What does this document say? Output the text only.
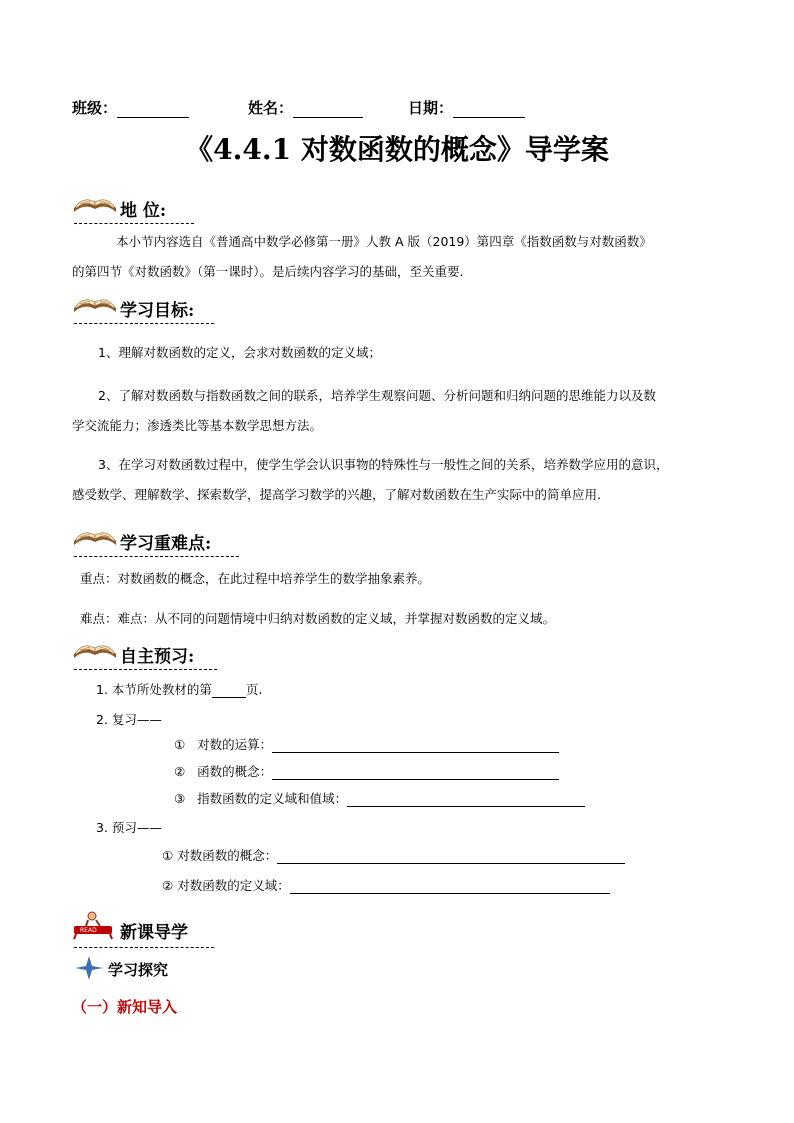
班级：	姓名：	日期：
《4.4.1 对数函数的概念》导学案
地 位:
本小节内容选自《普通高中数学必修第一册》人教 A 版（2019）第四章《指数函数与对数函数》
的第四节《对数函数》（第一课时）。是后续内容学习的基础，至关重要.
学习目标:
1、理解对数函数的定义，会求对数函数的定义域；
2、了解对数函数与指数函数之间的联系，培养学生观察问题、分析问题和归纳问题的思维能力以及数
学交流能力；渗透类比等基本数学思想方法。
3、在学习对数函数过程中，使学生学会认识事物的特殊性与一般性之间的关系，培养数学应用的意识，
感受数学、理解数学、探索数学，提高学习数学的兴趣，了解对数函数在生产实际中的简单应用.
学习重难点:
重点：对数函数的概念，在此过程中培养学生的数学抽象素养。
难点：难点：从不同的问题情境中归纳对数函数的定义域，并掌握对数函数的定义域。
自主预习:
1. 本节所处教材的第	页.
2. 复习——
① 对数的运算：
② 函数的概念：
③ 指数函数的定义域和值域：
3. 预习——
① 对数函数的概念：
② 对数函数的定义域：
READ 新课导学
学习探究
（一）新知导入
